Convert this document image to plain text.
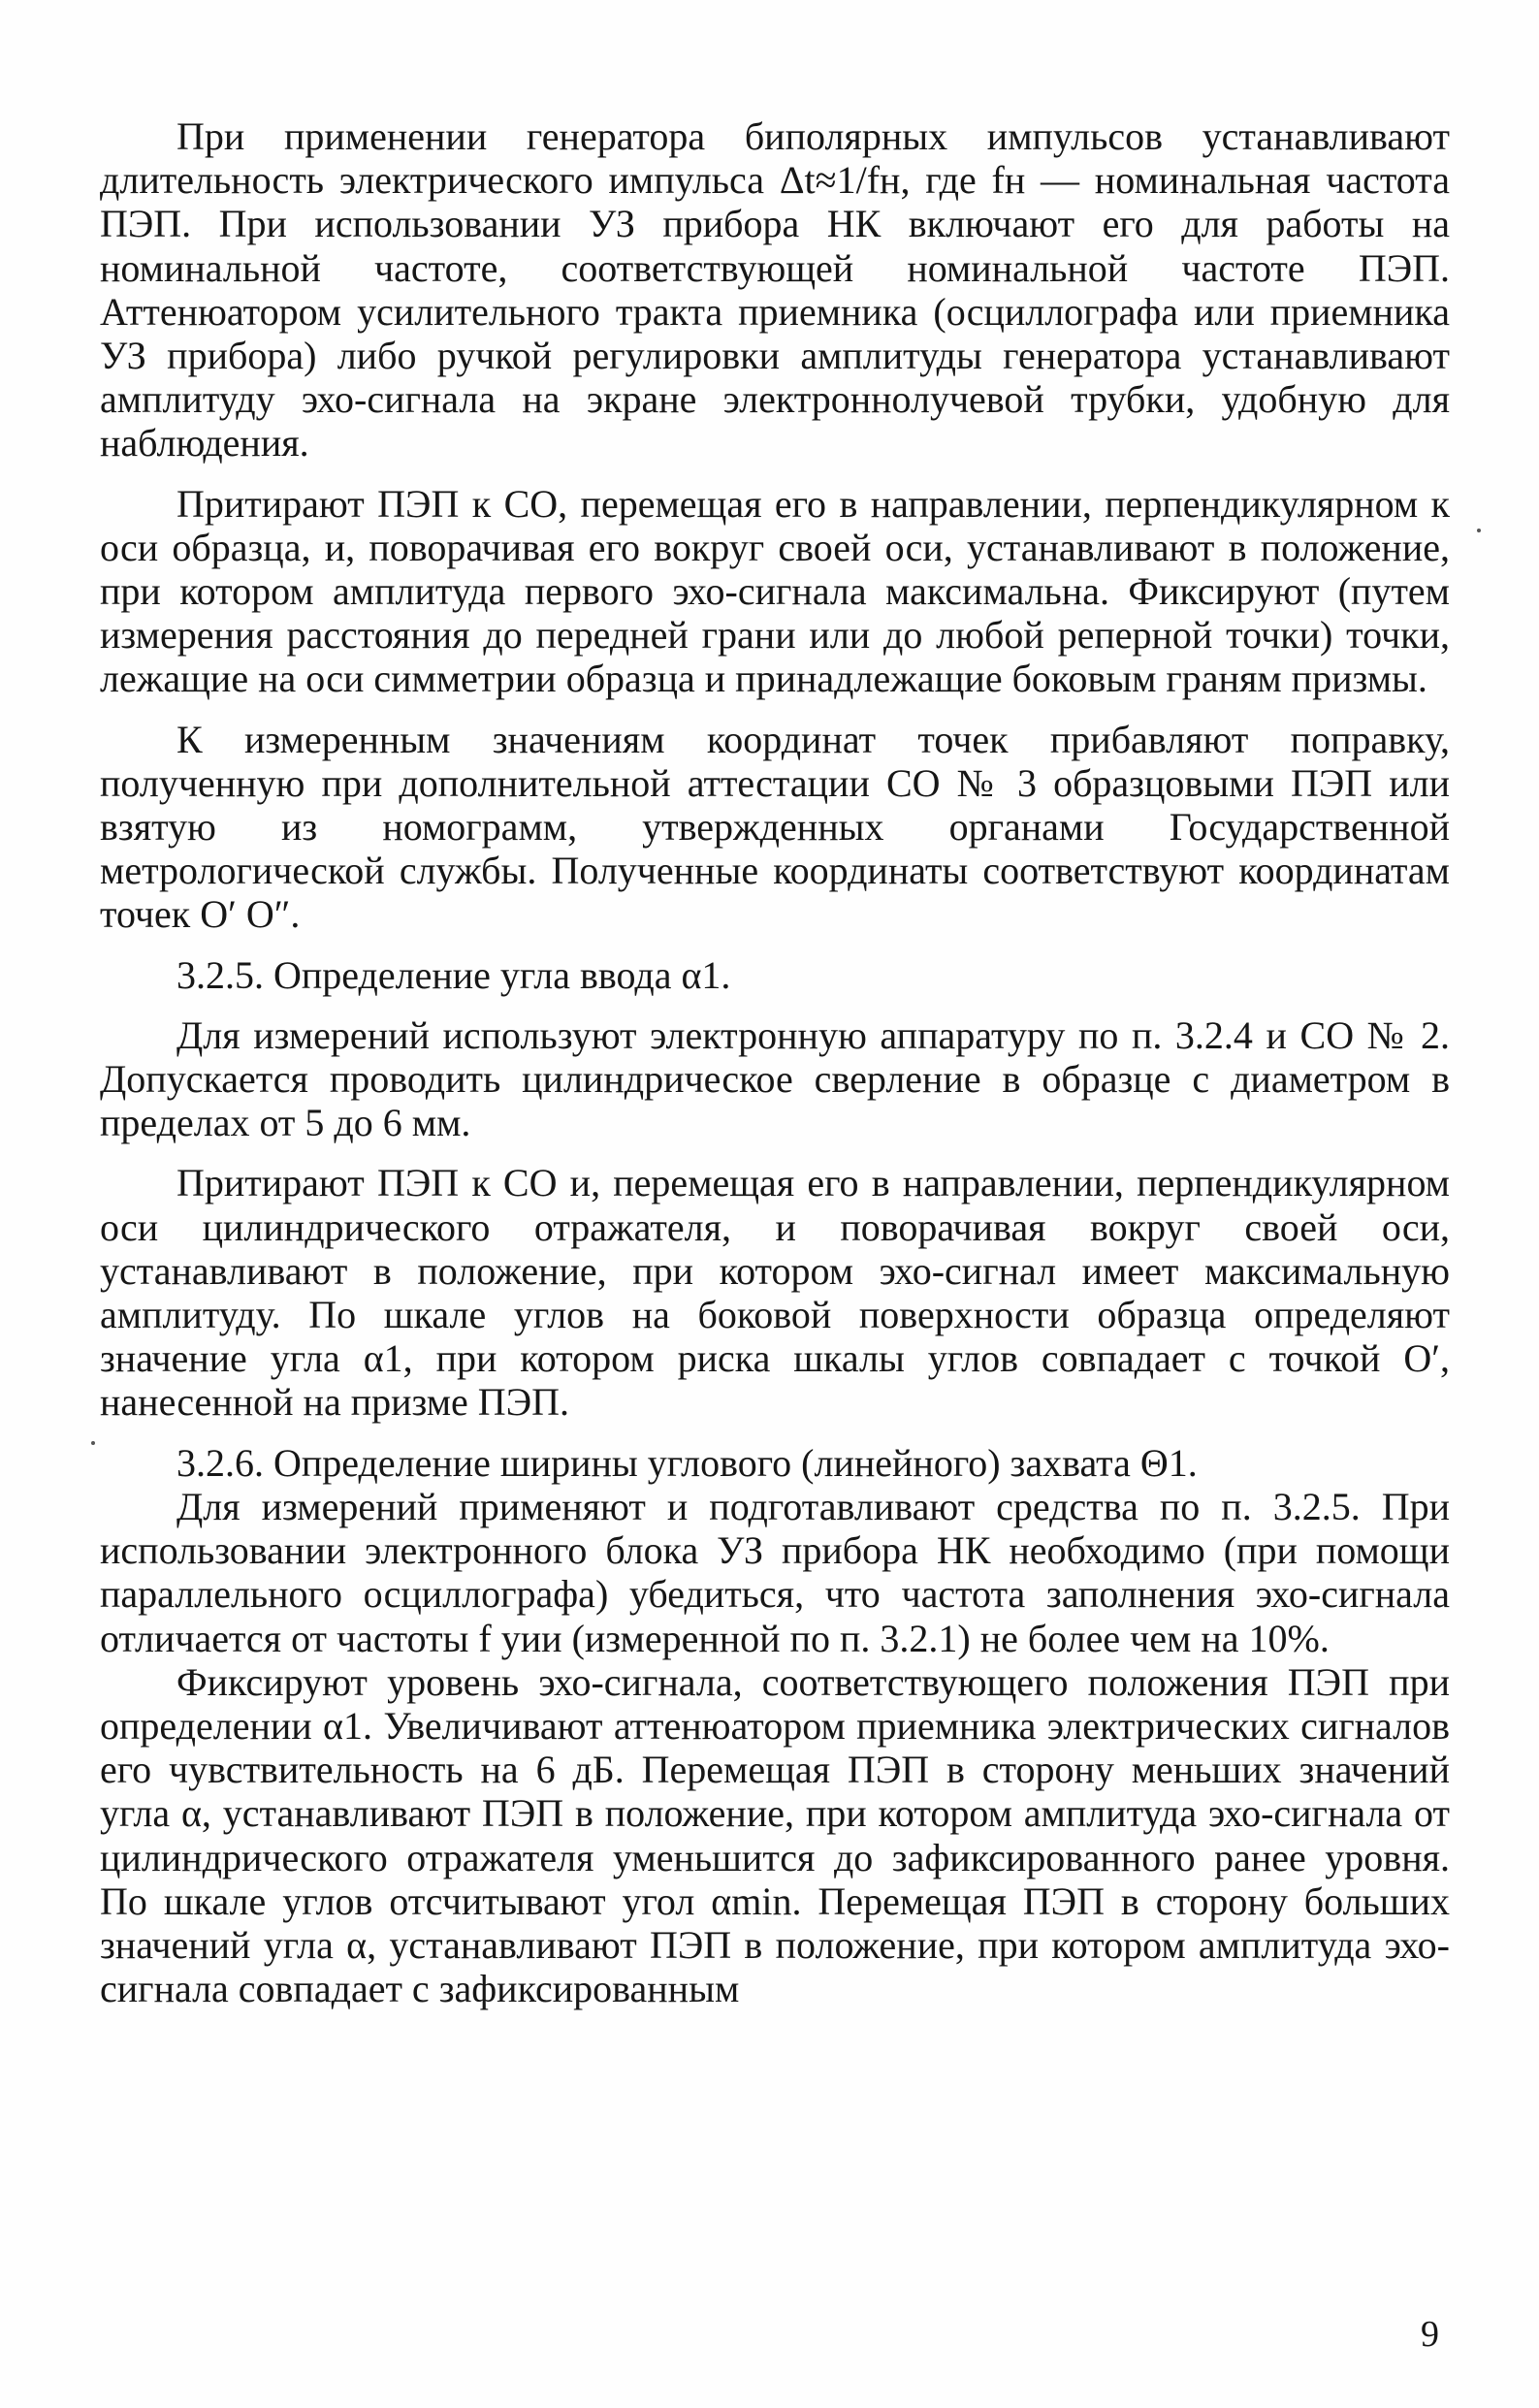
При применении генератора биполярных импульсов устанавливают длительность электрического импульса Δt≈1/fн, где fн — номинальная частота ПЭП. При использовании УЗ прибора НК включают его для работы на номинальной частоте, соответствующей номинальной частоте ПЭП. Аттенюатором усилительного тракта приемника (осциллографа или приемника УЗ прибора) либо ручкой регулировки амплитуды генератора устанавливают амплитуду эхо-сигнала на экране электроннолучевой трубки, удобную для наблюдения.

Притирают ПЭП к СО, перемещая его в направлении, перпендикулярном к оси образца, и, поворачивая его вокруг своей оси, устанавливают в положение, при котором амплитуда первого эхо-сигнала максимальна. Фиксируют (путем измерения расстояния до передней грани или до любой реперной точки) точки, лежащие на оси симметрии образца и принадлежащие боковым граням призмы.

К измеренным значениям координат точек прибавляют поправку, полученную при дополнительной аттестации СО № 3 образцовыми ПЭП или взятую из номограмм, утвержденных органами Государственной метрологической службы. Полученные координаты соответствуют координатам точек O′ O″.

3.2.5. Определение угла ввода α1.

Для измерений используют электронную аппаратуру по п. 3.2.4 и СО № 2. Допускается проводить цилиндрическое сверление в образце с диаметром в пределах от 5 до 6 мм.

Притирают ПЭП к СО и, перемещая его в направлении, перпендикулярном оси цилиндрического отражателя, и поворачивая вокруг своей оси, устанавливают в положение, при котором эхо-сигнал имеет максимальную амплитуду. По шкале углов на боковой поверхности образца определяют значение угла α1, при котором риска шкалы углов совпадает с точкой O′, нанесенной на призме ПЭП.

3.2.6. Определение ширины углового (линейного) захвата Θ1.

Для измерений применяют и подготавливают средства по п. 3.2.5. При использовании электронного блока УЗ прибора НК необходимо (при помощи параллельного осциллографа) убедиться, что частота заполнения эхо-сигнала отличается от частоты f уии (измеренной по п. 3.2.1) не более чем на 10%.

Фиксируют уровень эхо-сигнала, соответствующего положения ПЭП при определении α1. Увеличивают аттенюатором приемника электрических сигналов его чувствительность на 6 дБ. Перемещая ПЭП в сторону меньших значений угла α, устанавливают ПЭП в положение, при котором амплитуда эхо-сигнала от цилиндрического отражателя уменьшится до зафиксированного ранее уровня. По шкале углов отсчитывают угол αmin. Перемещая ПЭП в сторону больших значений угла α, устанавливают ПЭП в положение, при котором амплитуда эхо-сигнала совпадает с зафиксированным

9
